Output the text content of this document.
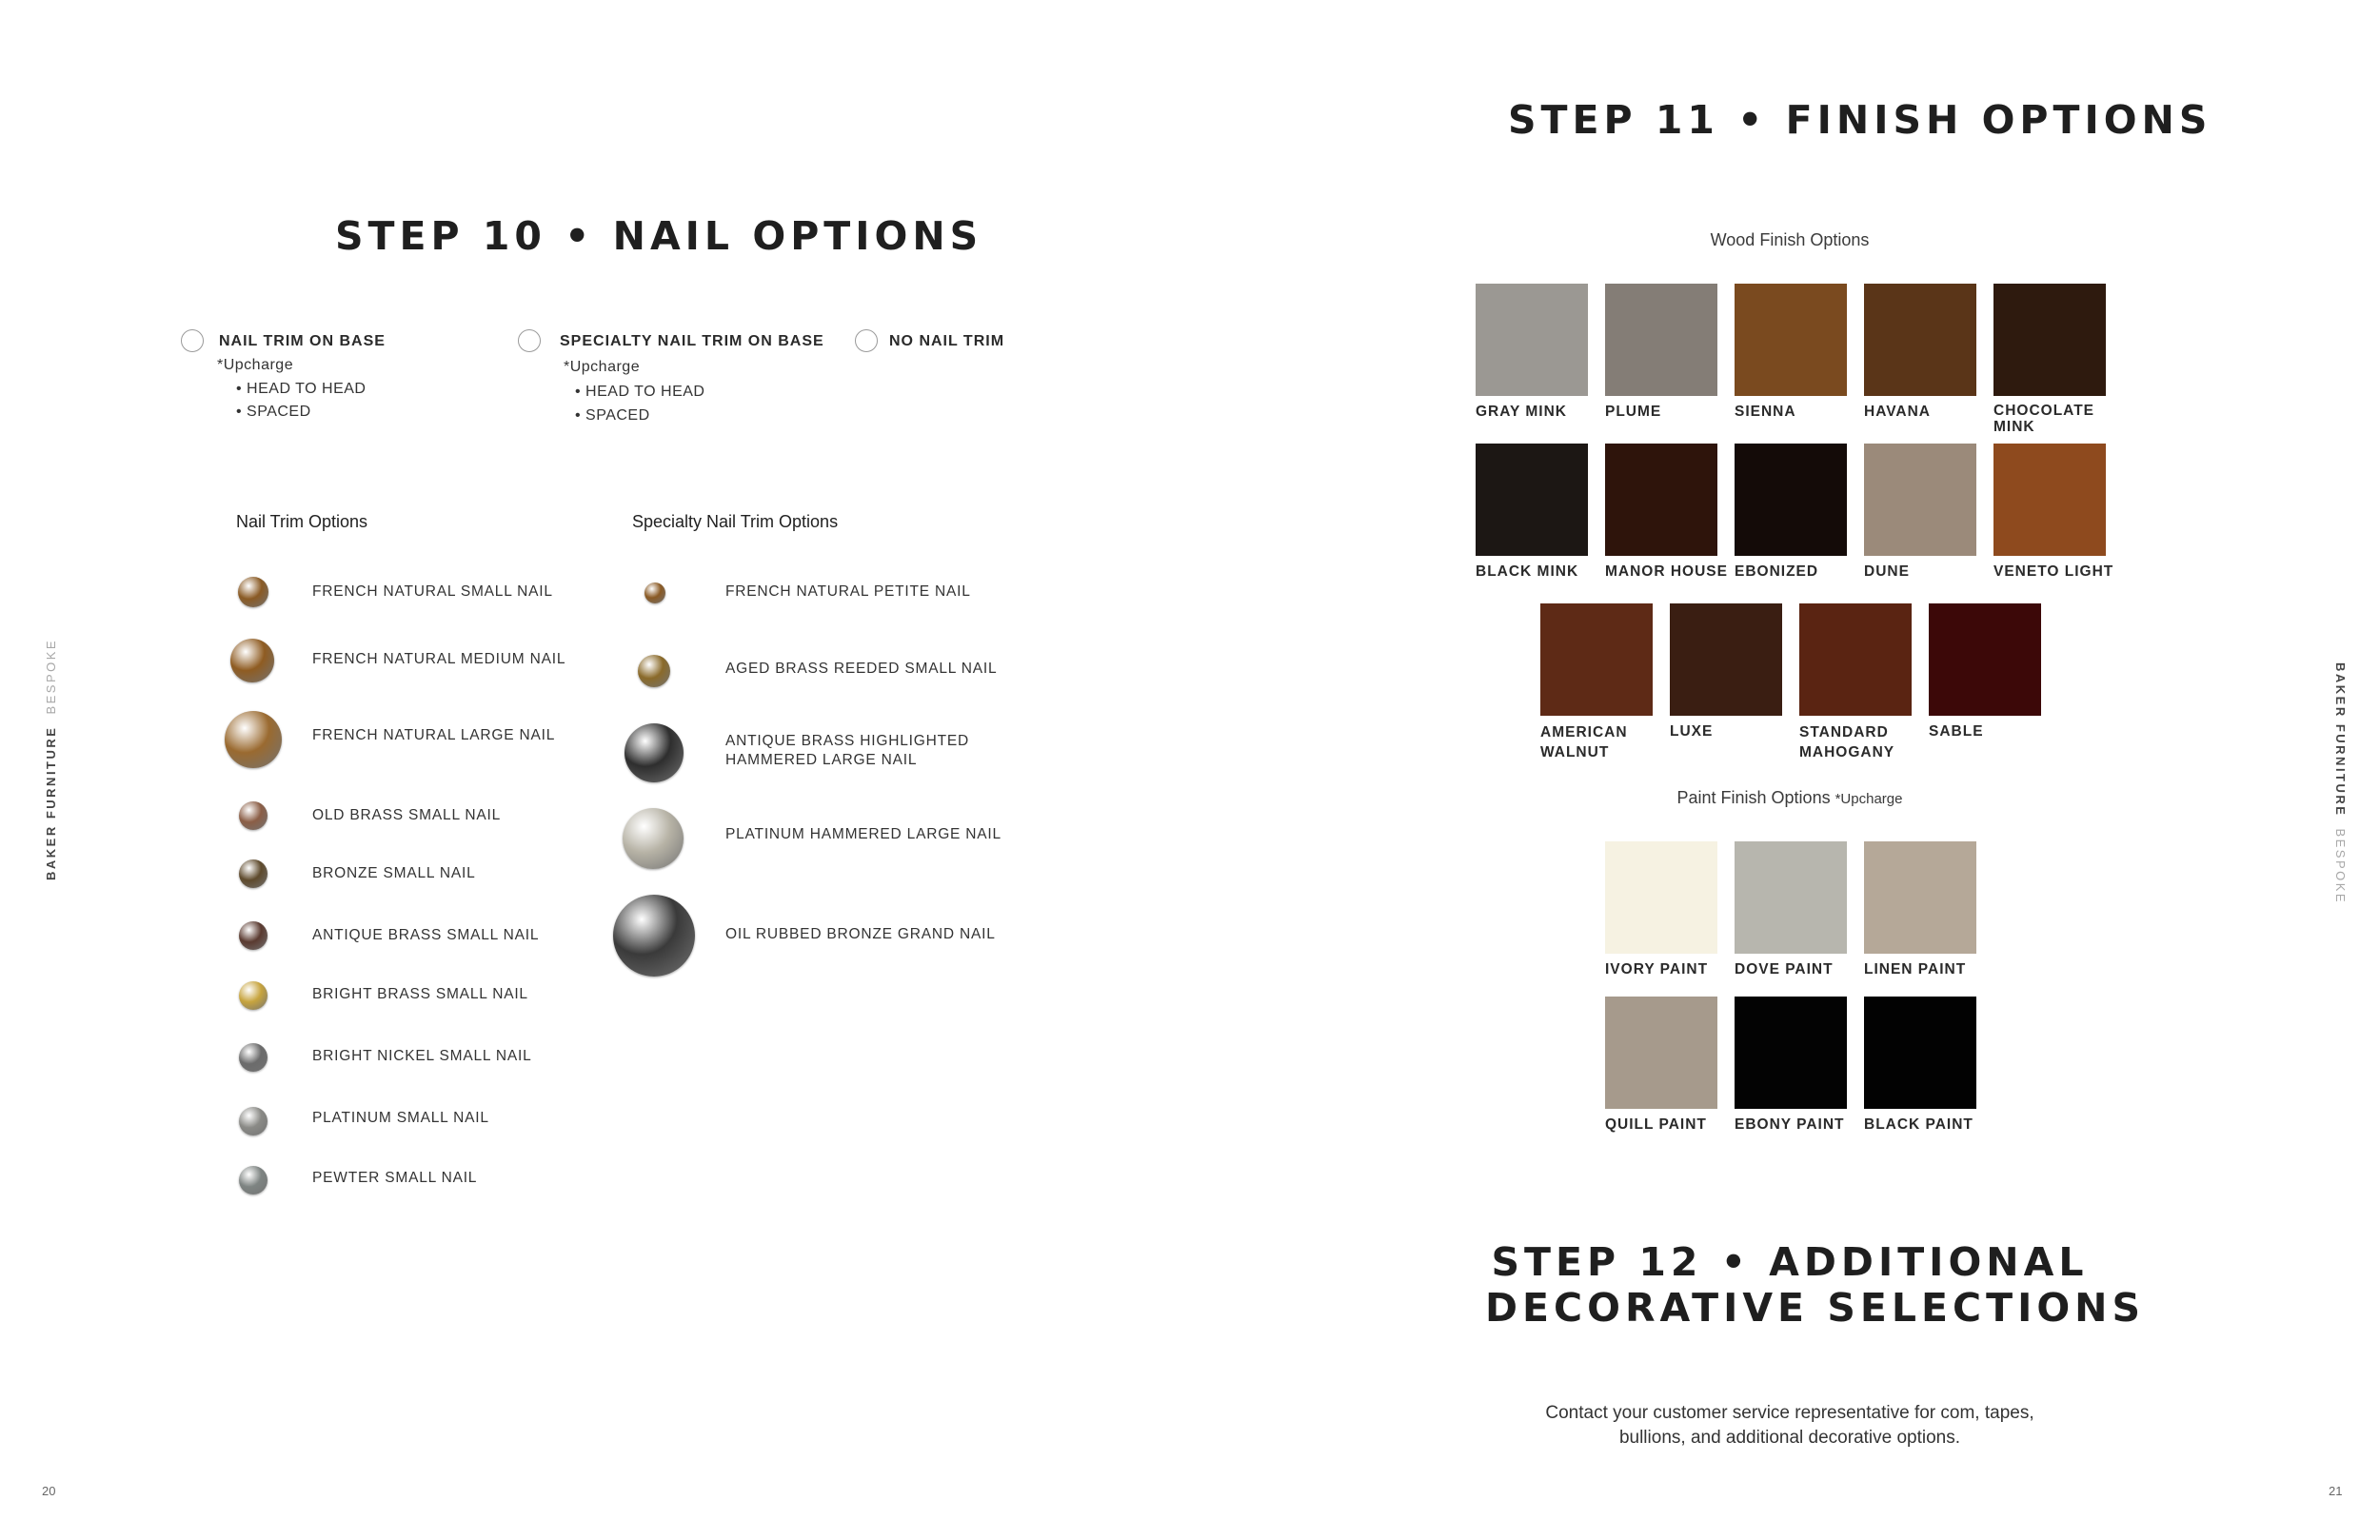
STEP 10 • NAIL OPTIONS
NAIL TRIM ON BASE
*Upcharge
• HEAD TO HEAD
• SPACED
SPECIALTY NAIL TRIM ON BASE
*Upcharge
• HEAD TO HEAD
• SPACED
NO NAIL TRIM
Nail Trim Options	Specialty Nail Trim Options
FRENCH NATURAL SMALL NAIL
FRENCH NATURAL MEDIUM NAIL
FRENCH NATURAL LARGE NAIL
OLD BRASS SMALL NAIL
BRONZE SMALL NAIL
ANTIQUE BRASS SMALL NAIL
BRIGHT BRASS SMALL NAIL
BRIGHT NICKEL SMALL NAIL
PLATINUM SMALL NAIL
PEWTER SMALL NAIL
FRENCH NATURAL PETITE NAIL
AGED BRASS REEDED SMALL NAIL
ANTIQUE BRASS HIGHLIGHTED
HAMMERED LARGE NAIL
PLATINUM HAMMERED LARGE NAIL
OIL RUBBED BRONZE GRAND NAIL
BAKER FURNITUREBESPOKE
20
STEP 11 • FINISH OPTIONS
Wood Finish Options
GRAY MINK	PLUME	SIENNA	HAVANA	CHOCOLATE
MINK
BLACK MINK	MANOR HOUSE EBONIZED	DUNE	VENETO LIGHT
AMERICAN
WALNUT
LUXE	STANDARD
MAHOGANY
SABLE
Paint Finish Options *Upcharge
IVORY PAINT	DOVE PAINT	LINEN PAINT
QUILL PAINT	EBONY PAINT	BLACK PAINT
STEP 12 • ADDITIONAL
DECORATIVE SELECTIONS
Contact your customer service representative for com, tapes,
bullions, and additional decorative options.
BAKER FURNITUREBESPOKE
21
